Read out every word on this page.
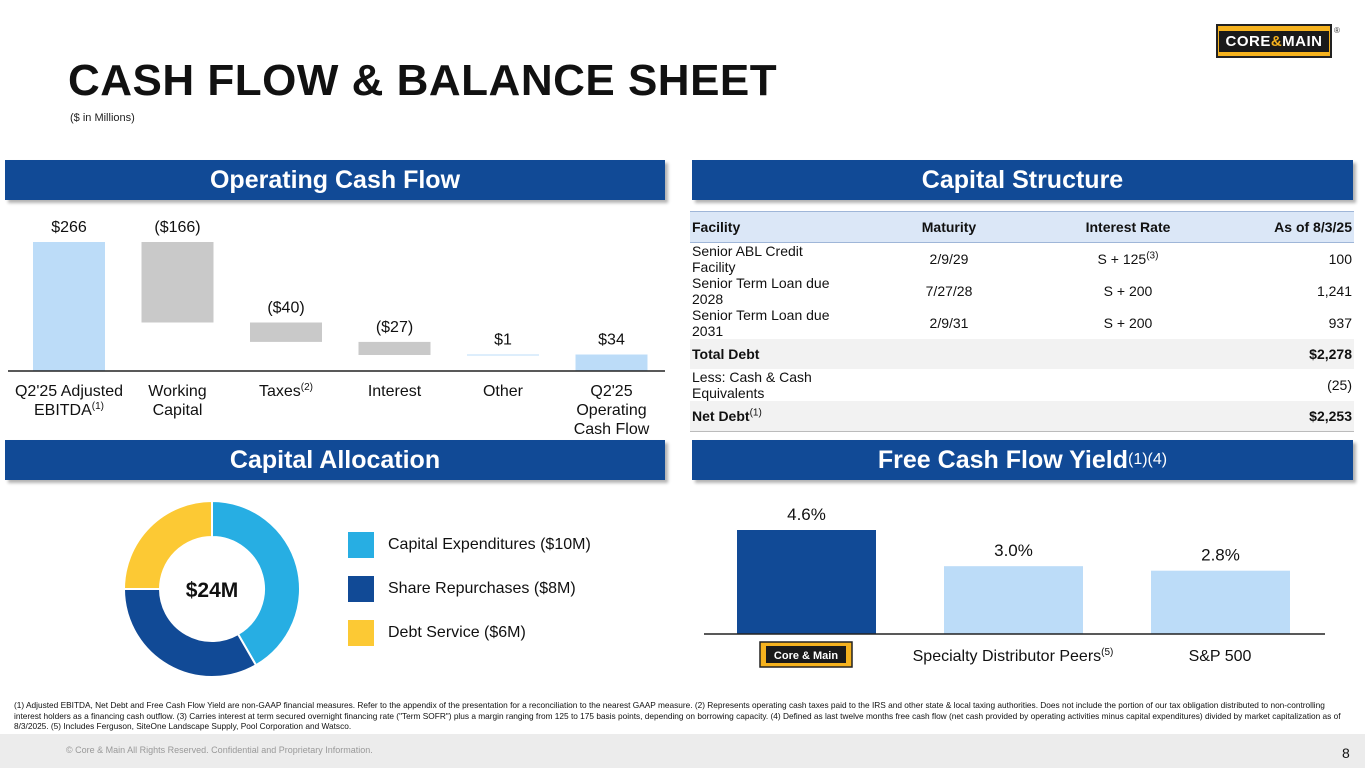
CASH FLOW & BALANCE SHEET
($ in Millions)
CORE&MAIN
®
Operating Cash Flow	Capital Structure
Capital Allocation	Free Cash Flow Yield (1)(4)
$266
Q2'25 Adjusted EBITDA$^{(1)}$
($166)
Working Capital
($40)
Taxes$^{(2)}$
($27)
Interest
$1
Other
$34
Q2'25 Operating Cash Flow
Facility	Maturity	Interest Rate	As of 8/3/25
Senior ABL Credit Facility	2/9/29	$S + 125^{(3)}$	100
Senior Term Loan due 2028	7/27/28	S + 200	1,241
Senior Term Loan due 2031	2/9/31	S + 200	937
Total Debt			$2,278
Less: Cash & Cash Equivalents			(25)
Net Debt$^{(1)}$			$2,253
$24M
Capital Expenditures ($10M)
Share Repurchases ($8M)
Debt Service ($6M)
4.6%
3.0%	2.8%
Core & Main	Specialty Distributor Peers$^{(5)}$	S&P 500
(1) Adjusted EBITDA, Net Debt and Free Cash Flow Yield are non-GAAP financial measures. Refer to the appendix of the presentation for a reconciliation to the nearest GAAP measure. (2) Represents operating cash taxes paid to the IRS and other state & local taxing authorities. Does not include the portion of our tax obligation distributed to non-controlling interest holders as a financing cash outflow. (3) Carries interest at term secured overnight financing rate ("Term SOFR") plus a margin ranging from 125 to 175 basis points, depending on borrowing capacity. (4) Defined as last twelve months free cash flow (net cash provided by operating activities minus capital expenditures) divided by market capitalization as of 8/3/2025. (5) Includes Ferguson, SiteOne Landscape Supply, Pool Corporation and Watsco.
© Core & Main All Rights Reserved. Confidential and Proprietary Information.	8
